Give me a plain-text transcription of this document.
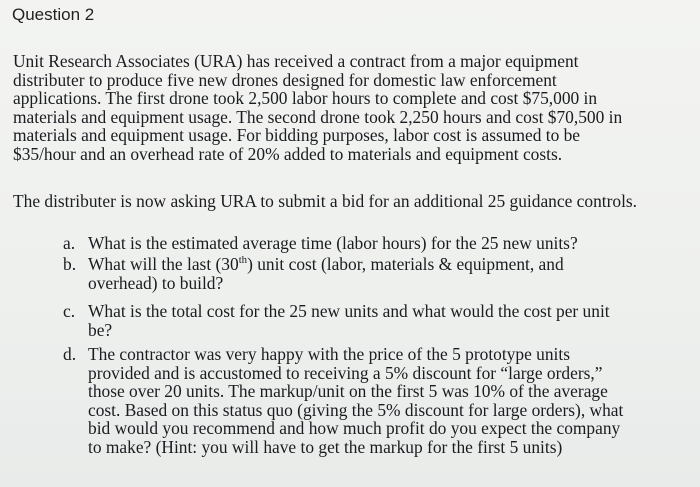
Question 2
Unit Research Associates (URA) has received a contract from a major equipment
distributer to produce five new drones designed for domestic law enforcement
applications. The first drone took 2,500 labor hours to complete and cost $75,000 in
materials and equipment usage. The second drone took 2,250 hours and cost $70,500 in
materials and equipment usage. For bidding purposes, labor cost is assumed to be
$35/hour and an overhead rate of 20% added to materials and equipment costs.
The distributer is now asking URA to submit a bid for an additional 25 guidance controls.
a. What is the estimated average time (labor hours) for the 25 new units?
b. What will the last (30th) unit cost (labor, materials & equipment, and
overhead) to build?
c. What is the total cost for the 25 new units and what would the cost per unit
be?
d. The contractor was very happy with the price of the 5 prototype units
provided and is accustomed to receiving a 5% discount for “large orders,”
those over 20 units. The markup/unit on the first 5 was 10% of the average
cost. Based on this status quo (giving the 5% discount for large orders), what
bid would you recommend and how much profit do you expect the company
to make? (Hint: you will have to get the markup for the first 5 units)
